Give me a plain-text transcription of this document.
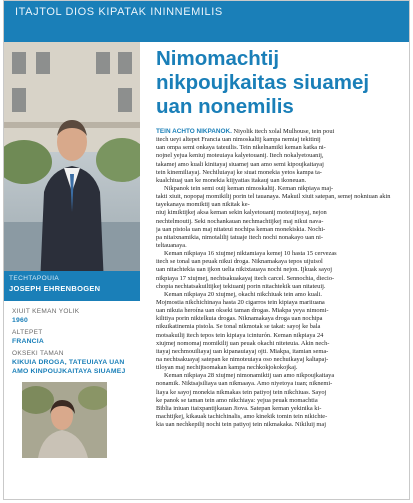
ITAJTOL DIOS KIPATAK ININNEMILIS
TECHTAPOUIA
JOSEPH EHRENBOGEN
XIUIT KEMAN YOLIK
1960
ALTEPET
FRANCIA
OKSEKI TAMAN
KIKUIA DROGA, TATEUIAYA UAN AMO KINPOUJKAITAYA SIUAMEJ
Nimomachtij
nikpoujkaitas siuamej
uan nonemilis
TEIN ACHTO NIKPANOK. Niyolik itech xolal Mulhouse, tein poui
itech ueyi altepet Francia uan nimoskaltij kampa nemiaj tekitinij
uan ompa semi onkaya tateuilis. Tein nikelnamiki keman katka ni-
nojnel yejua keniuj moteuiaya kalyetouanij. Itech nokalyetouanij,
takamej amo kuali kinitayaj siuamej uan amo semi kipoujkaitayaj
tein kinemiliayaj. Nechiluiayaj ke siuat monekia yetos kampa ta-
kualchiuaj uan ke monekia kiijyatias itakauj uan ikoneuan.
Nikpanok tein semi ouij keman nimoskaltij. Keman nikpiaya maj-
takti xiuit, nopopaj momikilij porin tel tauanaya. Makuil xiuit satepan, semej nokniuan akin
tayekanaya momiktij uan nikitak ke-
niuj kimiktijkej aksa keman sekin kalyetouanij moteuijtoyaj, nejon
nechtelmoutij. Seki nochankauan nechmachtijkej maj nikui nava-
ja uan pistola uan maj nitateui nochipa keman monekiskia. Nochi-
pa nitaixnamikia, nimotalilij tatuaje itech nochi nonakayo uan ni-
teltauanaya.
Keman nikpiaya 16 xiujmej niktamiaya kemej 10 hasta 15 cervezas
itech se tonal uan peuak nikui droga. Niknamakaya tepos uijuisol
uan nitachtekia uan ijkon uelia nikixtauaya nochi nejon. Ijkuak sayoj
nikpiaya 17 xiujmej, nechtsakuakayaj itech carcel. Sennochia, diecio-
chopia nechtatsakuiltijkej tekiuanij porin nitachtekik uan nitateuij.
Keman nikpiaya 20 xiujmej, okachi nikchiuak tein amo kuali.
Mojmostia nikchichinaya hasta 20 cigarros tein kipiaya mariiuana
uan nikuia heroína uan okseki taman drogas. Miakpa yeya nimomi-
kilitiya porin niktelkuia drogas. Niknamakaya droga uan nochipa
nikuikatinemia pistola. Se tonal nikmotak se takat: sayoj ke bala
motsakuilij itech tepos tein kipiaya icinturón. Keman nikpiaya 24
xiujmej nomomaj momikilij uan peuak okachi niteteuia. Akin nech-
itayaj nechmouiliayaj uan kipanauiayaj ojti. Miakpa, itamian sema-
na nechtsakuayaj satepan ke nimoteuiaya oso nechuikayaj kaltapaj-
tiloyan maj nechijtsomakan kampa nechkokjokokojkaj.
Keman nikpiaya 28 xiujmej nimonamiktij uan amo nikpoujkaitaya
nonamik. Niktsajsiliaya uan nikmaaya. Amo niyetoya iuan; niknemi-
liaya ke sayoj monekia nikmakas tein patiyoj tein nikchiuas. Sayoj
ke panok se taman tein amo nikchiaya: yejua peuak momachtia
Biblia iniuan itaixpantijkauan Jiova. Satepan keman yekinika ki-
machtijkej, kikauak tachichinalis, amo kinekik tomin tein nikichte-
kia uan nechkepilij nochi tein patiyoj tein nikmakaka. Nikiluij maj
